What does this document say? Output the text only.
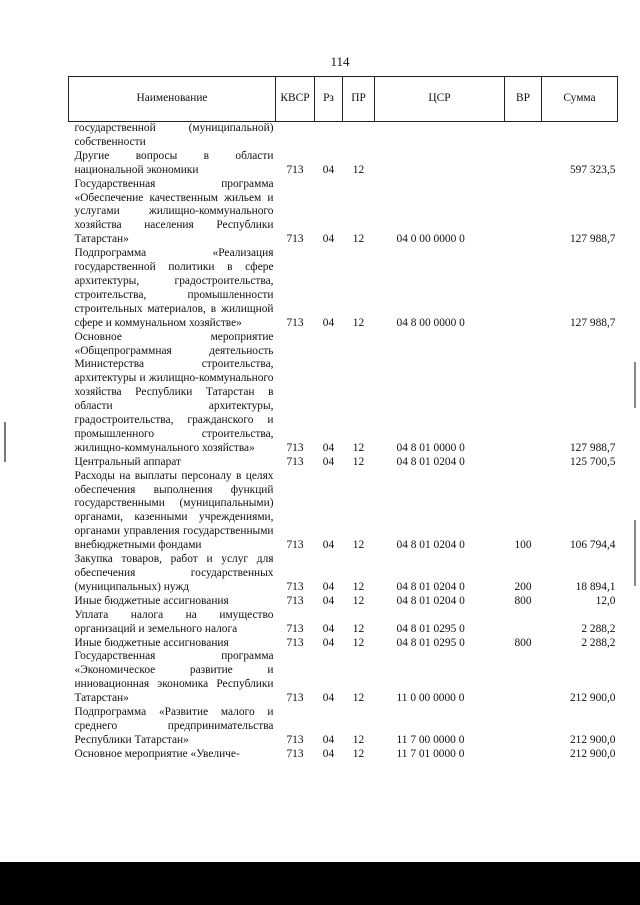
114
Наименование	КВСР	Рз	ПР	ЦСР	ВР	Сумма
государственной (муниципальной) собственности						
Другие вопросы в области национальной экономики	713	04	12			597 323,5
Государственная программа «Обеспечение качественным жильем и услугами жилищно-коммунального хозяйства населения Республики Татарстан»	713	04	12	04 0 00 0000 0		127 988,7
Подпрограмма «Реализация государственной политики в сфере архитектуры, градостроительства, строительства, промышленности строительных материалов, в жилищной сфере и коммунальном хозяйстве»	713	04	12	04 8 00 0000 0		127 988,7
Основное мероприятие «Общепрограммная деятельность Министерства строительства, архитектуры и жилищно-коммунального хозяйства Республики Татарстан в области архитектуры, градостроительства, гражданского и промышленного строительства, жилищно-коммунального хозяйства»	713	04	12	04 8 01 0000 0		127 988,7
Центральный аппарат	713	04	12	04 8 01 0204 0		125 700,5
Расходы на выплаты персоналу в целях обеспечения выполнения функций государственными (муниципальными) органами, казенными учреждениями, органами управления государственными внебюджетными фондами	713	04	12	04 8 01 0204 0	100	106 794,4
Закупка товаров, работ и услуг для обеспечения государственных (муниципальных) нужд	713	04	12	04 8 01 0204 0	200	18 894,1
Иные бюджетные ассигнования	713	04	12	04 8 01 0204 0	800	12,0
Уплата налога на имущество организаций и земельного налога	713	04	12	04 8 01 0295 0		2 288,2
Иные бюджетные ассигнования	713	04	12	04 8 01 0295 0	800	2 288,2
Государственная программа «Экономическое развитие и инновационная экономика Республики Татарстан»	713	04	12	11 0 00 0000 0		212 900,0
Подпрограмма «Развитие малого и среднего предпринимательства Республики Татарстан»	713	04	12	11 7 00 0000 0		212 900,0
Основное мероприятие «Увеличе-	713	04	12	11 7 01 0000 0		212 900,0
